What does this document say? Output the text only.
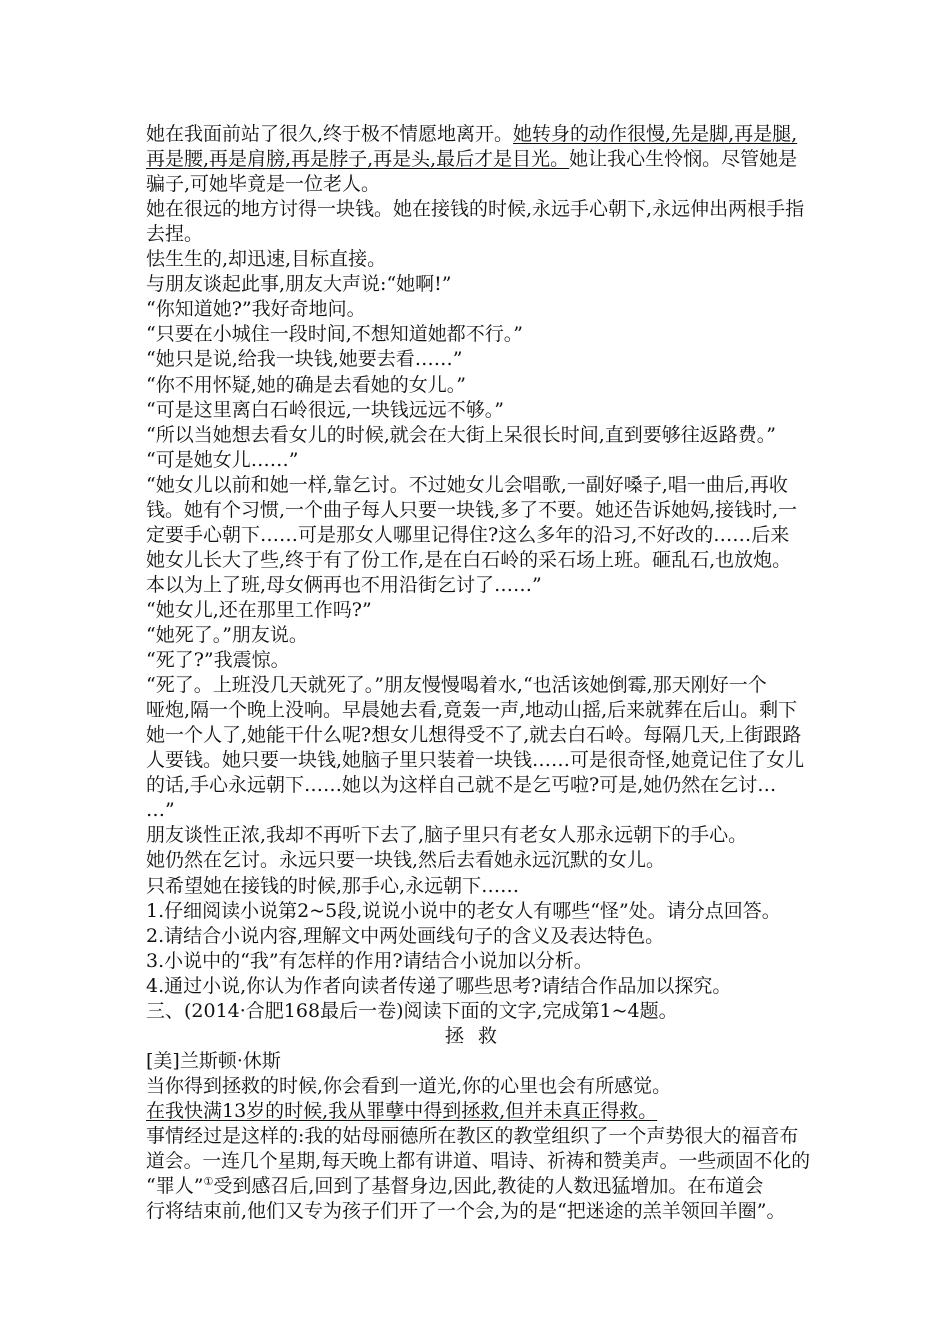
她在我面前站了很久,终于极不情愿地离开。她转身的动作很慢,先是脚,再是腿,
再是腰,再是肩膀,再是脖子,再是头,最后才是目光。她让我心生怜悯。尽管她是
骗子,可她毕竟是一位老人。
她在很远的地方讨得一块钱。她在接钱的时候,永远手心朝下,永远伸出两根手指
去捏。
怯生生的,却迅速,目标直接。
与朋友谈起此事,朋友大声说:“她啊!”
“你知道她?”我好奇地问。
“只要在小城住一段时间,不想知道她都不行。”
“她只是说,给我一块钱,她要去看……”
“你不用怀疑,她的确是去看她的女儿。”
“可是这里离白石岭很远,一块钱远远不够。”
“所以当她想去看女儿的时候,就会在大街上呆很长时间,直到要够往返路费。”
“可是她女儿……”
“她女儿以前和她一样,靠乞讨。不过她女儿会唱歌,一副好嗓子,唱一曲后,再收
钱。她有个习惯,一个曲子每人只要一块钱,多了不要。她还告诉她妈,接钱时,一
定要手心朝下……可是那女人哪里记得住?这么多年的沿习,不好改的……后来
她女儿长大了些,终于有了份工作,是在白石岭的采石场上班。砸乱石,也放炮。
本以为上了班,母女俩再也不用沿街乞讨了……”
“她女儿,还在那里工作吗?”
“她死了。”朋友说。
“死了?”我震惊。
“死了。上班没几天就死了。”朋友慢慢喝着水,“也活该她倒霉,那天刚好一个
哑炮,隔一个晚上没响。早晨她去看,竟轰一声,地动山摇,后来就葬在后山。剩下
她一个人了,她能干什么呢?想女儿想得受不了,就去白石岭。每隔几天,上街跟路
人要钱。她只要一块钱,她脑子里只装着一块钱……可是很奇怪,她竟记住了女儿
的话,手心永远朝下……她以为这样自己就不是乞丐啦?可是,她仍然在乞讨…
…”
朋友谈性正浓,我却不再听下去了,脑子里只有老女人那永远朝下的手心。
她仍然在乞讨。永远只要一块钱,然后去看她永远沉默的女儿。
只希望她在接钱的时候,那手心,永远朝下……
1.仔细阅读小说第2~5段,说说小说中的老女人有哪些“怪”处。请分点回答。
2.请结合小说内容,理解文中两处画线句子的含义及表达特色。
3.小说中的“我”有怎样的作用?请结合小说加以分析。
4.通过小说,你认为作者向读者传递了哪些思考?请结合作品加以探究。
三、(2014·合肥168最后一卷)阅读下面的文字,完成第1~4题。
拯救
[美]兰斯顿·休斯
当你得到拯救的时候,你会看到一道光,你的心里也会有所感觉。
在我快满13岁的时候,我从罪孽中得到拯救,但并未真正得救。
事情经过是这样的:我的姑母丽德所在教区的教堂组织了一个声势很大的福音布
道会。一连几个星期,每天晚上都有讲道、唱诗、祈祷和赞美声。一些顽固不化的
“罪人”①受到感召后,回到了基督身边,因此,教徒的人数迅猛增加。在布道会
行将结束前,他们又专为孩子们开了一个会,为的是“把迷途的羔羊领回羊圈”。
